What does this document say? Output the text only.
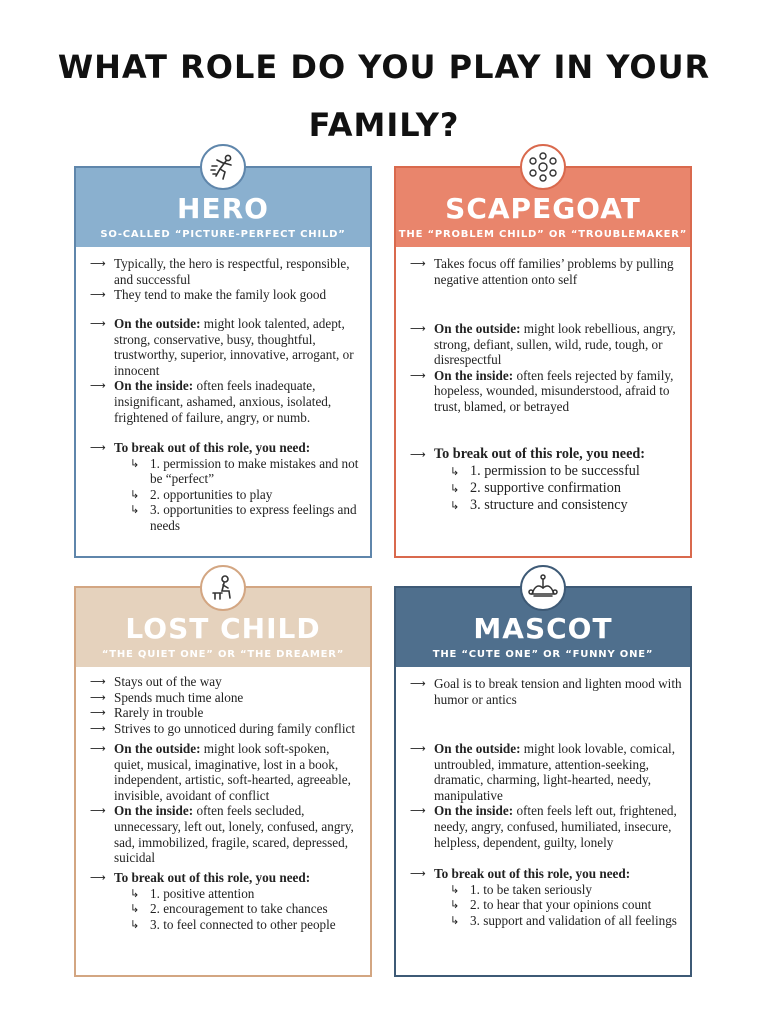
WHAT ROLE DO YOU PLAY IN YOUR
FAMILY?
HERO
SO-CALLED “PICTURE-PERFECT CHILD”
⟶ Typically, the hero is respectful, responsible, and successful
⟶ They tend to make the family look good
⟶ On the outside: might look talented, adept, strong, conservative, busy, thoughtful, trustworthy, superior, innovative, arrogant, or innocent
⟶ On the inside: often feels inadequate, insignificant, ashamed, anxious, isolated, frightened of failure, angry, or numb.
⟶ To break out of this role, you need:
↳ 1. permission to make mistakes and not be “perfect”
↳ 2. opportunities to play
↳ 3. opportunities to express feelings and needs
SCAPEGOAT
THE “PROBLEM CHILD” OR “TROUBLEMAKER”
⟶ Takes focus off families’ problems by pulling negative attention onto self
⟶ On the outside: might look rebellious, angry, strong, defiant, sullen, wild, rude, tough, or disrespectful
⟶ On the inside: often feels rejected by family, hopeless, wounded, misunderstood, afraid to trust, blamed, or betrayed
⟶ To break out of this role, you need:
↳ 1. permission to be successful
↳ 2. supportive confirmation
↳ 3. structure and consistency
LOST CHILD
“THE QUIET ONE” OR “THE DREAMER”
⟶ Stays out of the way
⟶ Spends much time alone
⟶ Rarely in trouble
⟶ Strives to go unnoticed during family conflict
⟶ On the outside: might look soft-spoken, quiet, musical, imaginative, lost in a book, independent, artistic, soft-hearted, agreeable, invisible, avoidant of conflict
⟶ On the inside: often feels secluded, unnecessary, left out, lonely, confused, angry, sad, immobilized, fragile, scared, depressed, suicidal
⟶ To break out of this role, you need:
↳ 1. positive attention
↳ 2. encouragement to take chances
↳ 3. to feel connected to other people
MASCOT
THE “CUTE ONE” OR “FUNNY ONE”
⟶ Goal is to break tension and lighten mood with humor or antics
⟶ On the outside: might look lovable, comical, untroubled, immature, attention-seeking, dramatic, charming, light-hearted, needy, manipulative
⟶ On the inside: often feels left out, frightened, needy, angry, confused, humiliated, insecure, helpless, dependent, guilty, lonely
⟶ To break out of this role, you need:
↳ 1. to be taken seriously
↳ 2. to hear that your opinions count
↳ 3. support and validation of all feelings
